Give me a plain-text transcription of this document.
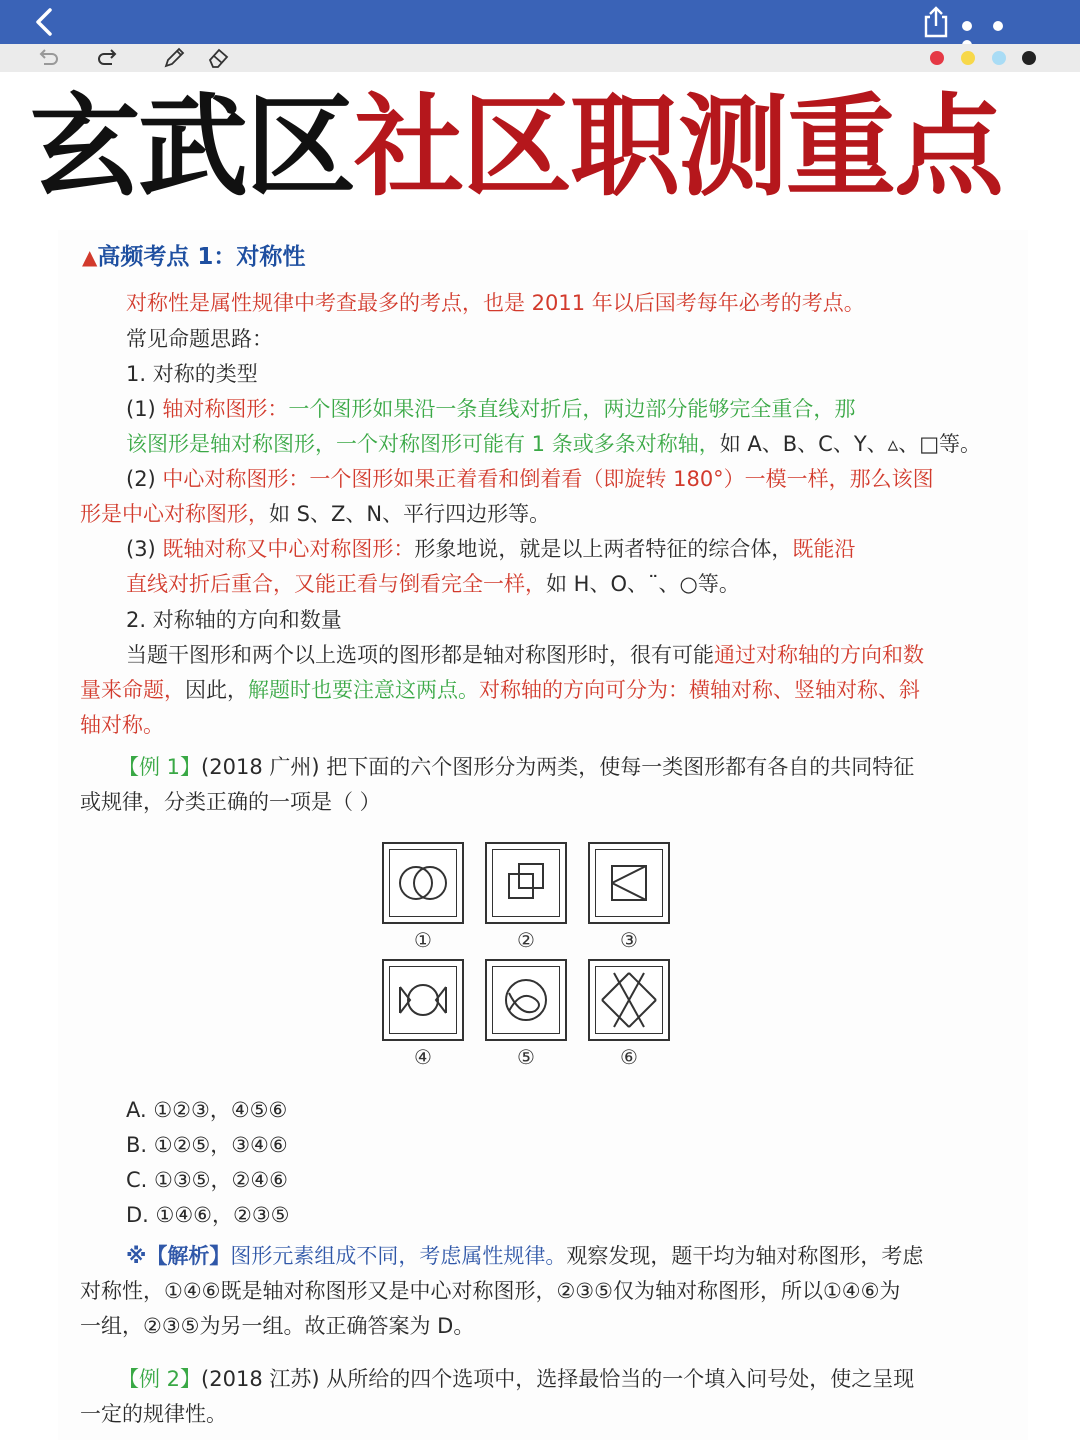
玄武区社区职测重点
▲高频考点 1：对称性
对称性是属性规律中考查最多的考点，也是 2011 年以后国考每年必考的考点。
常见命题思路：
1. 对称的类型
(1) 轴对称图形：一个图形如果沿一条直线对折后，两边部分能够完全重合，那
该图形是轴对称图形，一个对称图形可能有 1 条或多条对称轴，如 A、B、C、Y、▵、□等。
(2) 中心对称图形：一个图形如果正着看和倒着看（即旋转 180°）一模一样，那么该图
形是中心对称图形，如 S、Z、N、平行四边形等。
(3) 既轴对称又中心对称图形：形象地说，就是以上两者特征的综合体，既能沿
直线对折后重合，又能正看与倒看完全一样，如 H、O、¨、○等。
2. 对称轴的方向和数量
当题干图形和两个以上选项的图形都是轴对称图形时，很有可能通过对称轴的方向和数
量来命题，因此，解题时也要注意这两点。对称轴的方向可分为：横轴对称、竖轴对称、斜
轴对称。
【例 1】(2018 广州) 把下面的六个图形分为两类，使每一类图形都有各自的共同特征
或规律，分类正确的一项是（ ）
①	②	③
④	⑤	⑥
A. ①②③，④⑤⑥
B. ①②⑤，③④⑥
C. ①③⑤，②④⑥
D. ①④⑥，②③⑤
※【解析】图形元素组成不同，考虑属性规律。观察发现，题干均为轴对称图形，考虑
对称性，①④⑥既是轴对称图形又是中心对称图形，②③⑤仅为轴对称图形，所以①④⑥为
一组，②③⑤为另一组。故正确答案为 D。
【例 2】(2018 江苏) 从所给的四个选项中，选择最恰当的一个填入问号处，使之呈现
一定的规律性。
